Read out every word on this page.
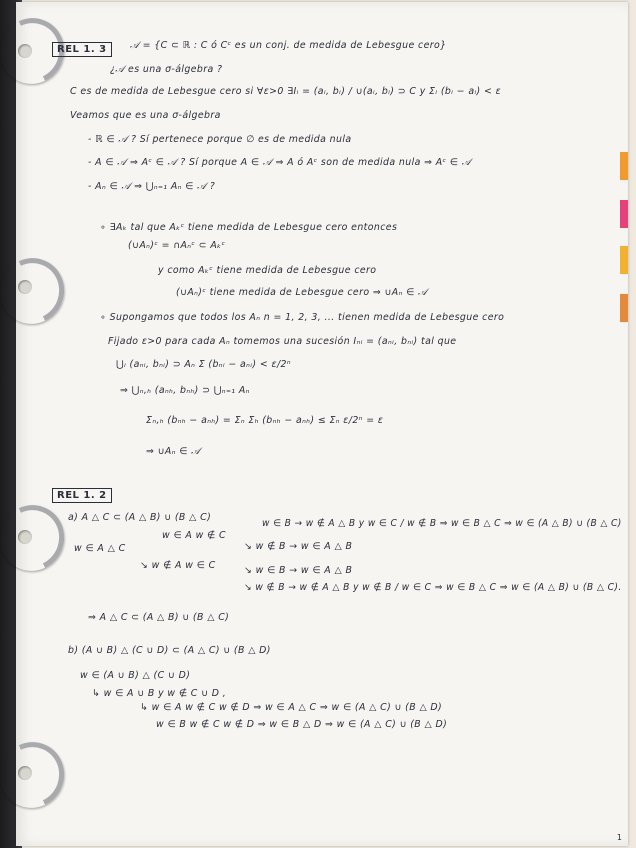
REL 1. 3
REL 1. 2
𝒜 = {C ⊂ ℝ : C ó Cᶜ es un conj. de medida de Lebesgue cero}
¿𝒜 es una σ-álgebra ?
C es de medida de Lebesgue cero si ∀ε>0 ∃Iᵢ = (aᵢ, bᵢ) / ∪(aᵢ, bᵢ) ⊃ C y Σᵢ (bᵢ − aᵢ) < ε
Veamos que es una σ-álgebra
- ℝ ∈ 𝒜 ? Sí pertenece porque ∅ es de medida nula
- A ∈ 𝒜 ⇒ Aᶜ ∈ 𝒜 ? Sí porque A ∈ 𝒜 ⇒ A ó Aᶜ son de medida nula ⇒ Aᶜ ∈ 𝒜
- Aₙ ∈ 𝒜 ⇒ ⋃ₙ₌₁ Aₙ ∈ 𝒜 ?
∘ ∃Aₖ tal que Aₖᶜ tiene medida de Lebesgue cero entonces
(∪Aₙ)ᶜ = ∩Aₙᶜ ⊂ Aₖᶜ
y como Aₖᶜ tiene medida de Lebesgue cero
(∪Aₙ)ᶜ tiene medida de Lebesgue cero ⇒ ∪Aₙ ∈ 𝒜
∘ Supongamos que todos los Aₙ n = 1, 2, 3, ... tienen medida de Lebesgue cero
Fijado ε>0 para cada Aₙ tomemos una sucesión Iₙᵢ = (aₙᵢ, bₙᵢ) tal que
⋃ᵢ (aₙᵢ, bₙᵢ) ⊃ Aₙ Σ (bₙᵢ − aₙᵢ) < ε/2ⁿ
⇒ ⋃ₙ,ₕ (aₙₕ, bₙₕ) ⊃ ⋃ₙ₌₁ Aₙ
Σₙ,ₕ (bₙₕ − aₙₕ) = Σₙ Σₕ (bₙₕ − aₙₕ) ≤ Σₙ ε/2ⁿ = ε
⇒ ∪Aₙ ∈ 𝒜
a) A △ C ⊂ (A △ B) ∪ (B △ C)
w ∈ B → w ∉ A △ B y w ∈ C / w ∉ B ⇒ w ∈ B △ C ⇒ w ∈ (A △ B) ∪ (B △ C)
w ∈ A w ∉ C
w ∈ A △ C	↘ w ∉ B → w ∈ A △ B
↘ w ∉ A w ∈ C	↘ w ∈ B → w ∈ A △ B
↘ w ∉ B → w ∉ A △ B y w ∉ B / w ∈ C ⇒ w ∈ B △ C ⇒ w ∈ (A △ B) ∪ (B △ C).
⇒ A △ C ⊂ (A △ B) ∪ (B △ C)
b) (A ∪ B) △ (C ∪ D) ⊂ (A △ C) ∪ (B △ D)
w ∈ (A ∪ B) △ (C ∪ D)
↳ w ∈ A ∪ B y w ∉ C ∪ D ,
↳ w ∈ A w ∉ C w ∉ D ⇒ w ∈ A △ C ⇒ w ∈ (A △ C) ∪ (B △ D)
w ∈ B w ∉ C w ∉ D ⇒ w ∈ B △ D ⇒ w ∈ (A △ C) ∪ (B △ D)
1
